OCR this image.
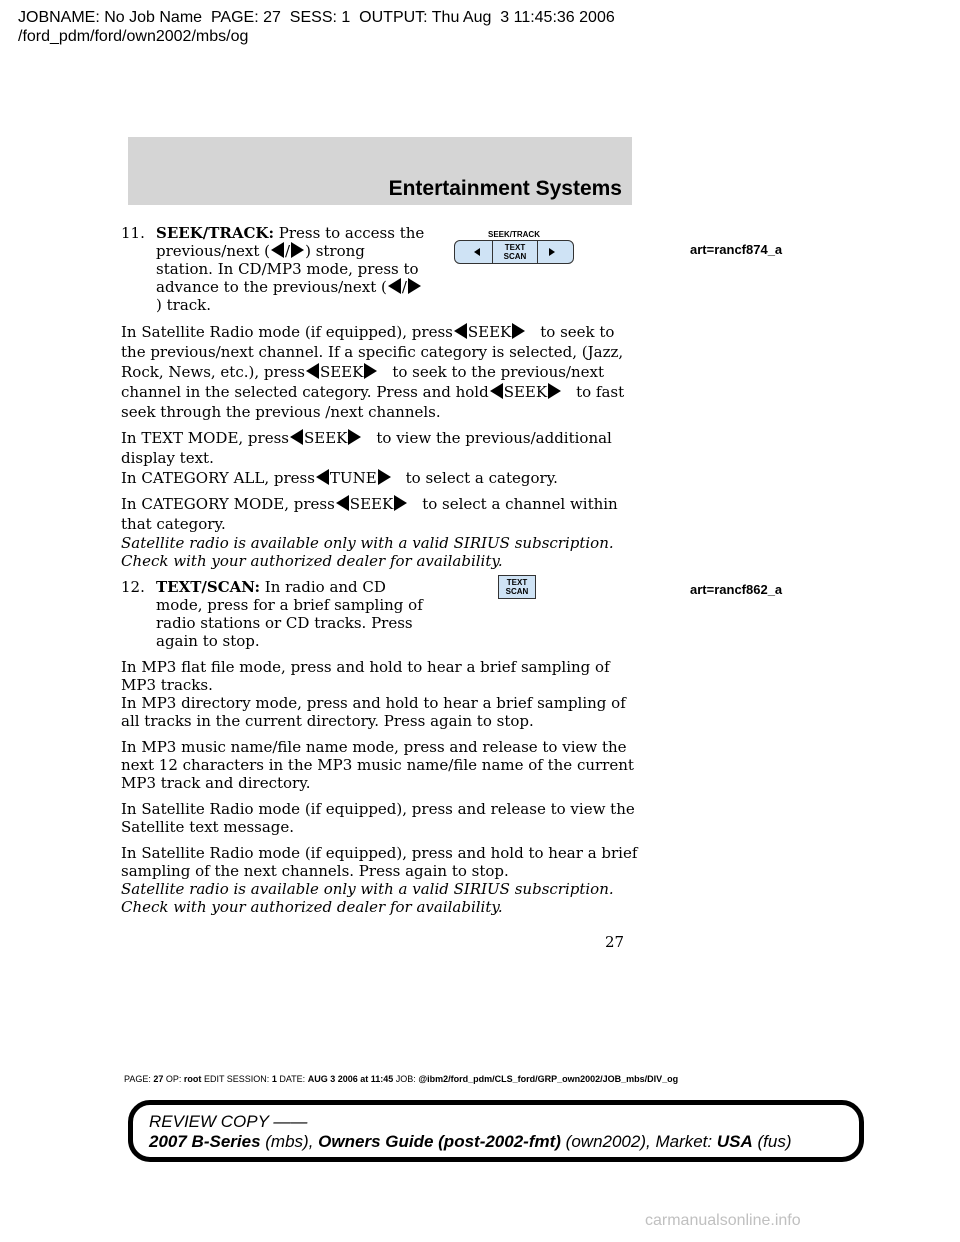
JOBNAME: No Job Name  PAGE: 27  SESS: 1  OUTPUT: Thu Aug  3 11:45:36 2006
/ford_pdm/ford/own2002/mbs/og
Entertainment Systems
11. SEEK/TRACK: Press to access the previous/next ( / ) strong station. In CD/MP3 mode, press to advance to the previous/next ( /) track.

In Satellite Radio mode (if equipped), press SEEK to seek to the previous/next channel. If a specific category is selected, (Jazz, Rock, News, etc.), press SEEK to seek to the previous/next channel in the selected category. Press and hold SEEK to fast seek through the previous /next channels.

In TEXT MODE, press SEEK to view the previous/additional display text.

In CATEGORY ALL, press TUNE to select a category.

In CATEGORY MODE, press SEEK to select a channel within that category.

Satellite radio is available only with a valid SIRIUS subscription. Check with your authorized dealer for availability.

12. TEXT/SCAN: In radio and CD mode, press for a brief sampling of radio stations or CD tracks. Press again to stop.

In MP3 flat file mode, press and hold to hear a brief sampling of MP3 tracks.

In MP3 directory mode, press and hold to hear a brief sampling of all tracks in the current directory. Press again to stop.

In MP3 music name/file name mode, press and release to view the next 12 characters in the MP3 music name/file name of the current MP3 track and directory.

In Satellite Radio mode (if equipped), press and release to view the Satellite text message.

In Satellite Radio mode (if equipped), press and hold to hear a brief sampling of the next channels. Press again to stop.

Satellite radio is available only with a valid SIRIUS subscription. Check with your authorized dealer for availability.

SEEK/TRACK
TEXT
SCAN	art=rancf874_a
TEXT
SCAN	art=rancf862_a
27
PAGE: 27 OP: root EDIT SESSION: 1 DATE: AUG 3 2006 at 11:45 JOB: @ibm2/ford_pdm/CLS_ford/GRP_own2002/JOB_mbs/DIV_og
REVIEW COPY ——
2007 B-Series (mbs), Owners Guide (post-2002-fmt) (own2002), Market: USA (fus)
carmanualsonline.info
